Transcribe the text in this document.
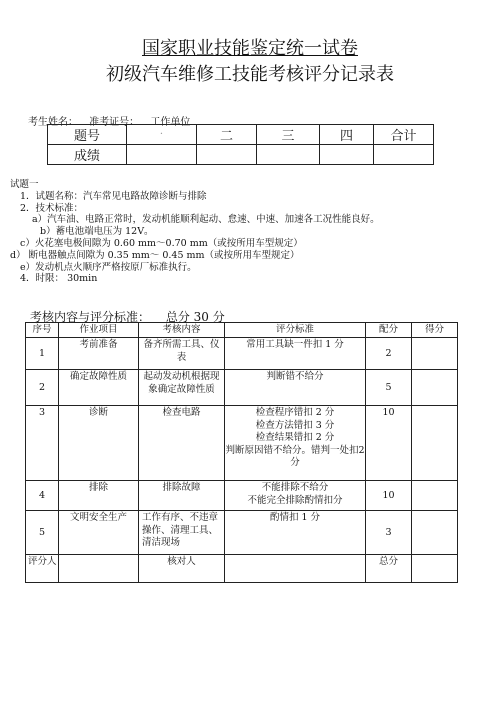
国家职业技能鉴定统一试卷
初级汽车维修工技能考核评分记录表
考生姓名： 准考证号： 工作单位
题号	·	二	三	四	合计
成绩					
试题一
1．试题名称：汽车常见电路故障诊断与排除
2．技术标准：
a）汽车油、电路正常时，发动机能顺利起动、怠速、中速、加速各工况性能良好。
b）蓄电池端电压为 12V。
c）火花塞电极间隙为 0.60 mm～0.70 mm（或按所用车型规定）
d） 断电器触点间隙为 0.35 mm～ 0.45 mm（或按所用车型规定）
e）发动机点火顺序严格按原厂标准执行。
4．时限： 30min
考核内容与评分标准： 总分 30 分
序号	作业项目	考核内容	评分标准	配分	得分
1	考前准备	备齐所需工具、仪表	常用工具缺一件扣 1 分	2	
2	确定故障性质	起动发动机根据现象确定故障性质	判断错不给分	5	
3	诊断	检查电路	检查程序错扣 2 分
检查方法错扣 3 分
检查结果错扣 2 分
判断原因错不给分。错判一处扣2分	10	
4	排除	排除故障	不能排除不给分
不能完全排除酌情扣分	10	
5	文明安全生产	工作有序、不违章操作、清理工具、清洁现场	酌情扣 1 分	3	
评分人		核对人		总分	
